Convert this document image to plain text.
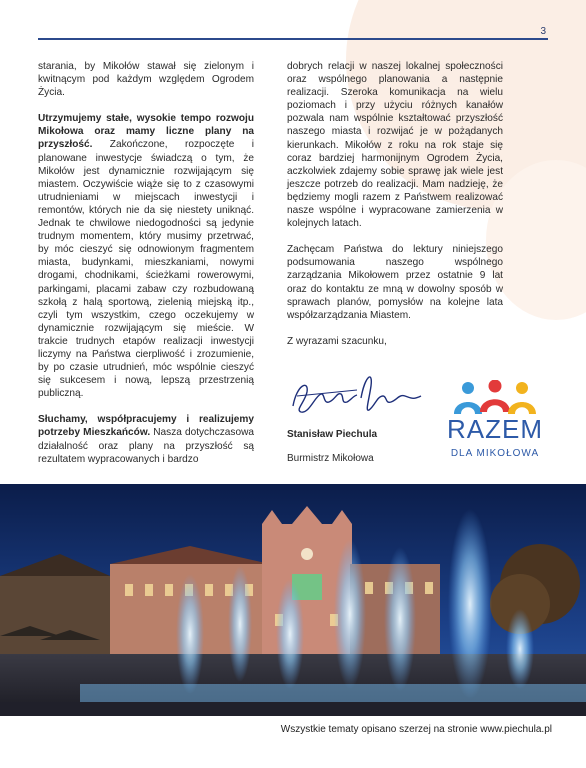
3

starania, by Mikołów stawał się zielonym i kwitnącym pod każdym względem Ogrodem Życia.

Utrzymujemy stałe, wysokie tempo rozwoju Mikołowa oraz mamy liczne plany na przyszłość. Zakończone, rozpoczęte i planowane inwestycje świadczą o tym, że Mikołów jest dynamicznie rozwijającym się miastem. Oczywiście wiąże się to z czasowymi utrudnieniami w miejscach inwestycji i remontów, których nie da się niestety uniknąć. Jednak te chwilowe niedogodności są jedynie trudnym momentem, który musimy przetrwać, by móc cieszyć się odnowionym fragmentem miasta, budynkami, mieszkaniami, nowymi drogami, chodnikami, ścieżkami rowerowymi, parkingami, placami zabaw czy rozbudowaną szkołą z halą sportową, zielenią miejską itp., czyli tym wszystkim, czego oczekujemy w dynamicznie rozwijającym się mieście. W trakcie trudnych etapów realizacji inwestycji liczymy na Państwa cierpliwość i zrozumienie, by po czasie utrudnień, móc wspólnie cieszyć się sukcesem i nową, lepszą przestrzenią publiczną.

Słuchamy, współpracujemy i realizujemy potrzeby Mieszkańców. Nasza dotychczasowa działalność oraz plany na przyszłość są rezultatem wypracowanych i bardzo

dobrych relacji w naszej lokalnej społeczności oraz wspólnego planowania a następnie realizacji. Szeroka komunikacja na wielu poziomach i przy użyciu różnych kanałów pozwala nam wspólnie kształtować przyszłość naszego miasta i rozwijać je w pożądanych kierunkach. Mikołów z roku na rok staje się coraz bardziej harmonijnym Ogrodem Życia, aczkolwiek zdajemy sobie sprawę jak wiele jest jeszcze potrzeb do realizacji. Mam nadzieję, że będziemy mogli razem z Państwem realizować nasze wspólne i wypracowane zamierzenia w kolejnych latach.

Zachęcam Państwa do lektury niniejszego podsumowania naszego wspólnego zarządzania Mikołowem przez ostatnie 9 lat oraz do kontaktu ze mną w dowolny sposób w sprawach planów, pomysłów na kolejne lata współzarządzania Miastem.

Z wyrazami szacunku,

Stanisław Piechula
Burmistrz Mikołowa
RAZEM
DLA MIKOŁOWA
Wszystkie tematy opisano szerzej na stronie www.piechula.pl
